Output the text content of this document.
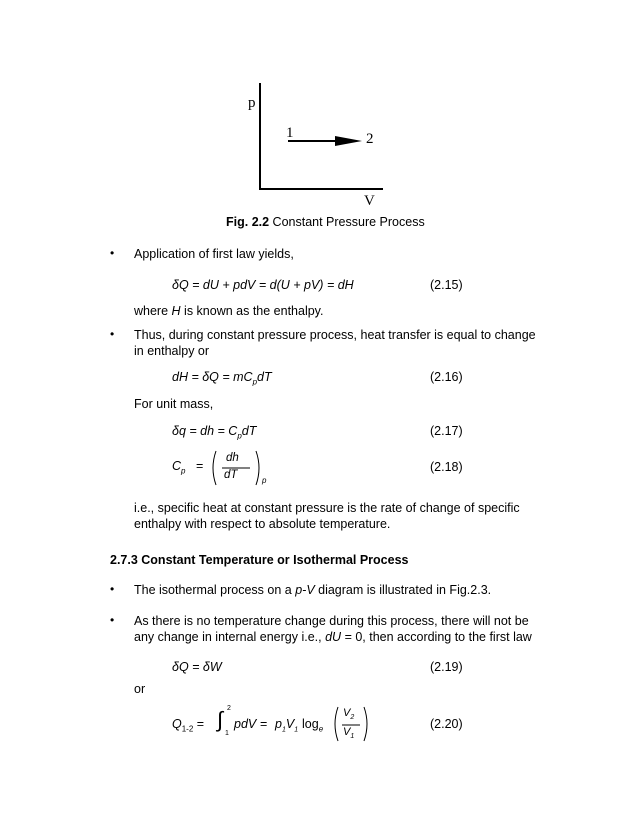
p
V
1	2
Fig. 2.2 Constant Pressure Process
• Application of first law yields,
δQ = dU + pdV = d(U + pV) = dH	(2.15)
where H is known as the enthalpy.
• Thus, during constant pressure process, heat transfer is equal to change
in enthalpy or
dH = $\delta Q = mC_pdT$	(2.16)
For unit mass,
δq = dh = $C_pdT$	(2.17)
$C_p$ =
dh
dT	p
(2.18)
i.e., specific heat at constant pressure is the rate of change of specific
enthalpy with respect to absolute temperature.
2.7.3 Constant Temperature or Isothermal Process
• The isothermal process on a p-V diagram is illustrated in Fig.2.3.
• As there is no temperature change during this process, there will not be
any change in internal energy i.e., dU = 0, then according to the first law
δQ = δW	(2.19)
or
$Q_{1-2}$ = ∫ 2
1
pdV = $p_1V_1$ $\log_e$
$V_2$
$V_1$
(2.20)
